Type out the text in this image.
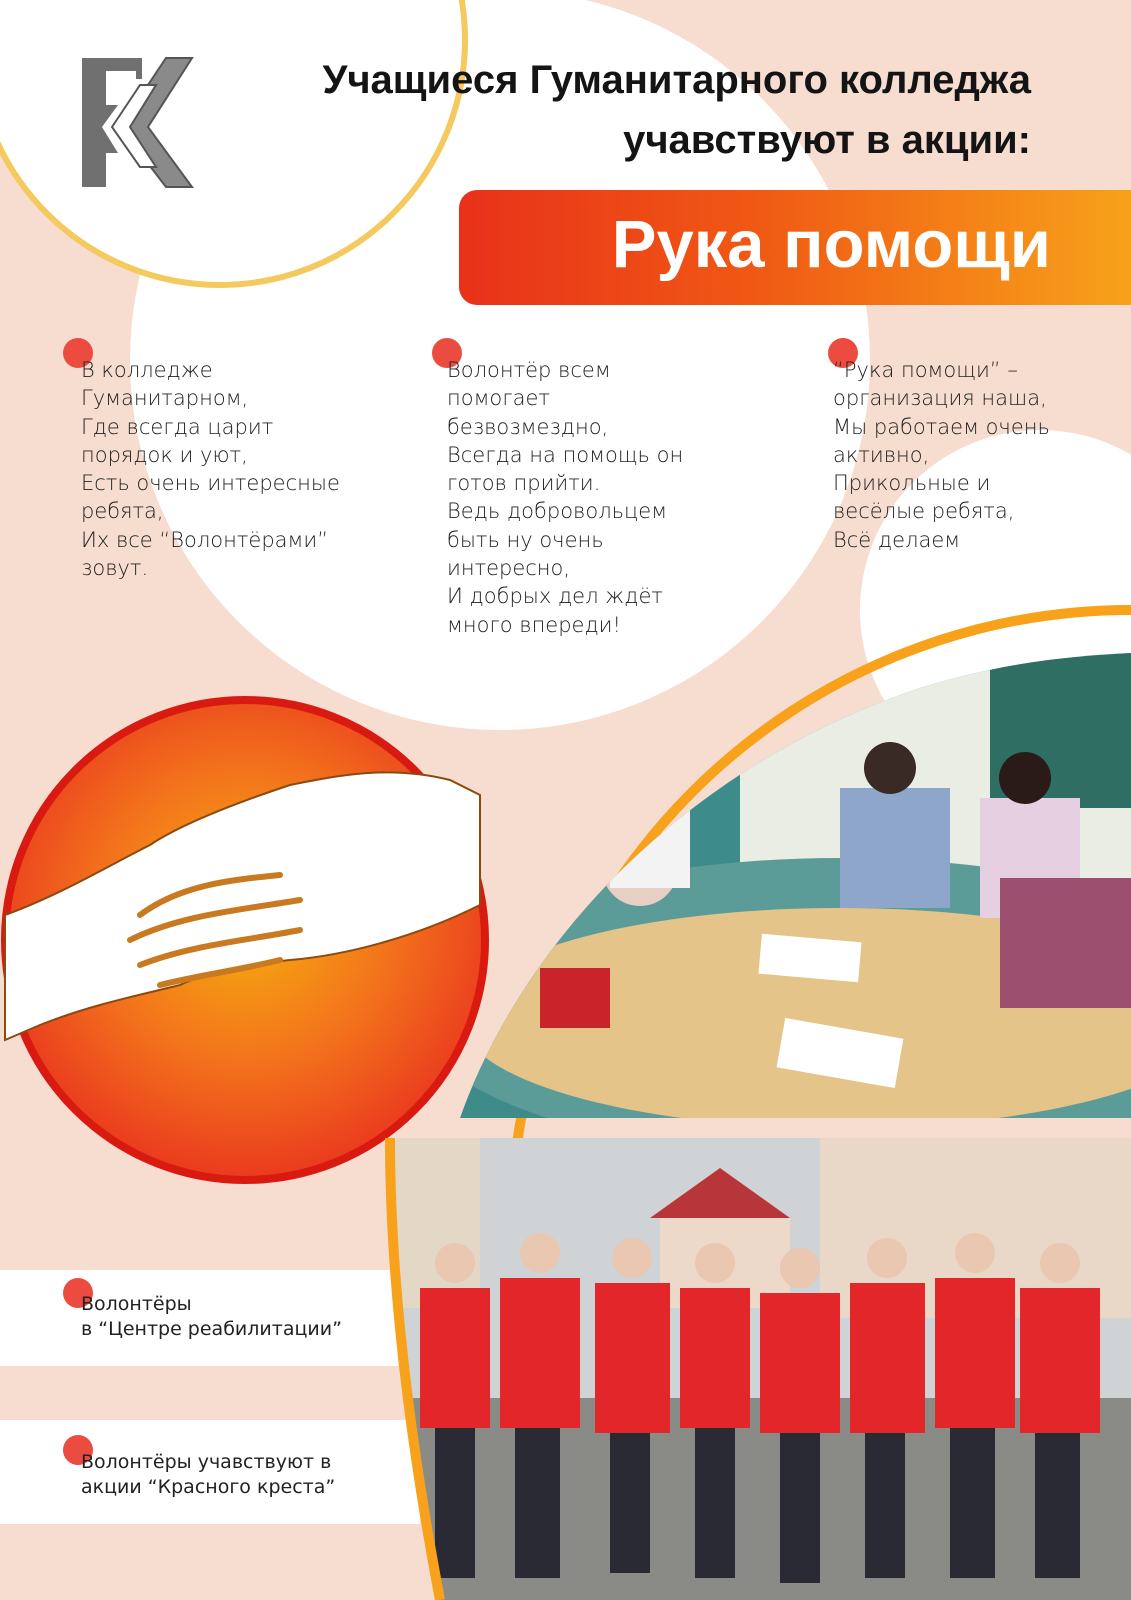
Учащиеся Гуманитарного колледжа учавствуют в акции:

Рука помощи

В колледже
Гуманитарном,
Где всегда царит
порядок и уют,
Есть очень интересные
ребята,
Их все “Волонтёрами”
зовут.

Волонтёр всем
помогает
безвозмездно,
Всегда на помощь он
готов прийти.
Ведь добровольцем
быть ну очень
интересно,
И добрых дел ждёт
много впереди!

“Рука помощи” –
организация наша,
Мы работаем очень
активно,
Прикольные и
весёлые ребята,
Всё делаем

Волонтёры
в “Центре реабилитации”

Волонтёры учавствуют в
акции “Красного креста”
